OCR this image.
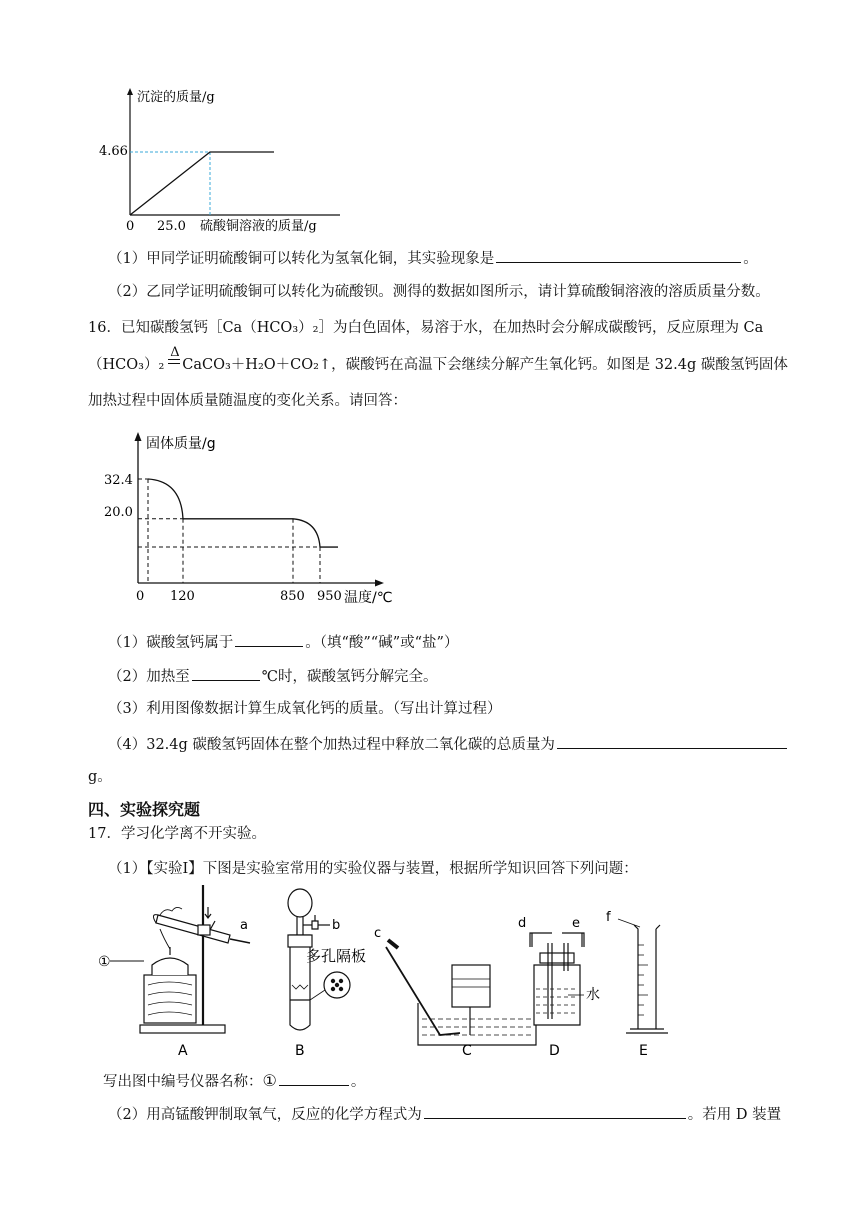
沉淀的质量/g
4.66
0 25.0 硫酸铜溶液的质量/g
（1）甲同学证明硫酸铜可以转化为氢氧化铜，其实验现象是	。
（2）乙同学证明硫酸铜可以转化为硫酸钡。测得的数据如图所示，请计算硫酸铜溶液的溶质质量分数。
16．已知碳酸氢钙［Ca（HCO₃）₂］为白色固体，易溶于水，在加热时会分解成碳酸钙，反应原理为 Ca
（HCO₃）₂
Δ
CaCO₃＋H₂O＋CO₂↑，碳酸钙在高温下会继续分解产生氧化钙。如图是 32.4g 碳酸氢钙固体
加热过程中固体质量随温度的变化关系。请回答：
固体质量/g
32.4
20.0
0 120	850 950 温度/℃
（1）碳酸氢钙属于	。（填“酸”“碱”或“盐”）
（2）加热至	℃时，碳酸氢钙分解完全。
（3）利用图像数据计算生成氧化钙的质量。（写出计算过程）
（4）32.4g 碳酸氢钙固体在整个加热过程中释放二氧化碳的总质量为
g。
四、实验探究题
17．学习化学离不开实验。
（1）【实验Ⅰ】下图是实验室常用的实验仪器与装置，根据所学知识回答下列问题：
①
a
A
b
多孔隔板
B
c
C
d	e
水
D
f
E
写出图中编号仪器名称：①	。
（2）用高锰酸钾制取氧气，反应的化学方程式为	。若用 D 装置
